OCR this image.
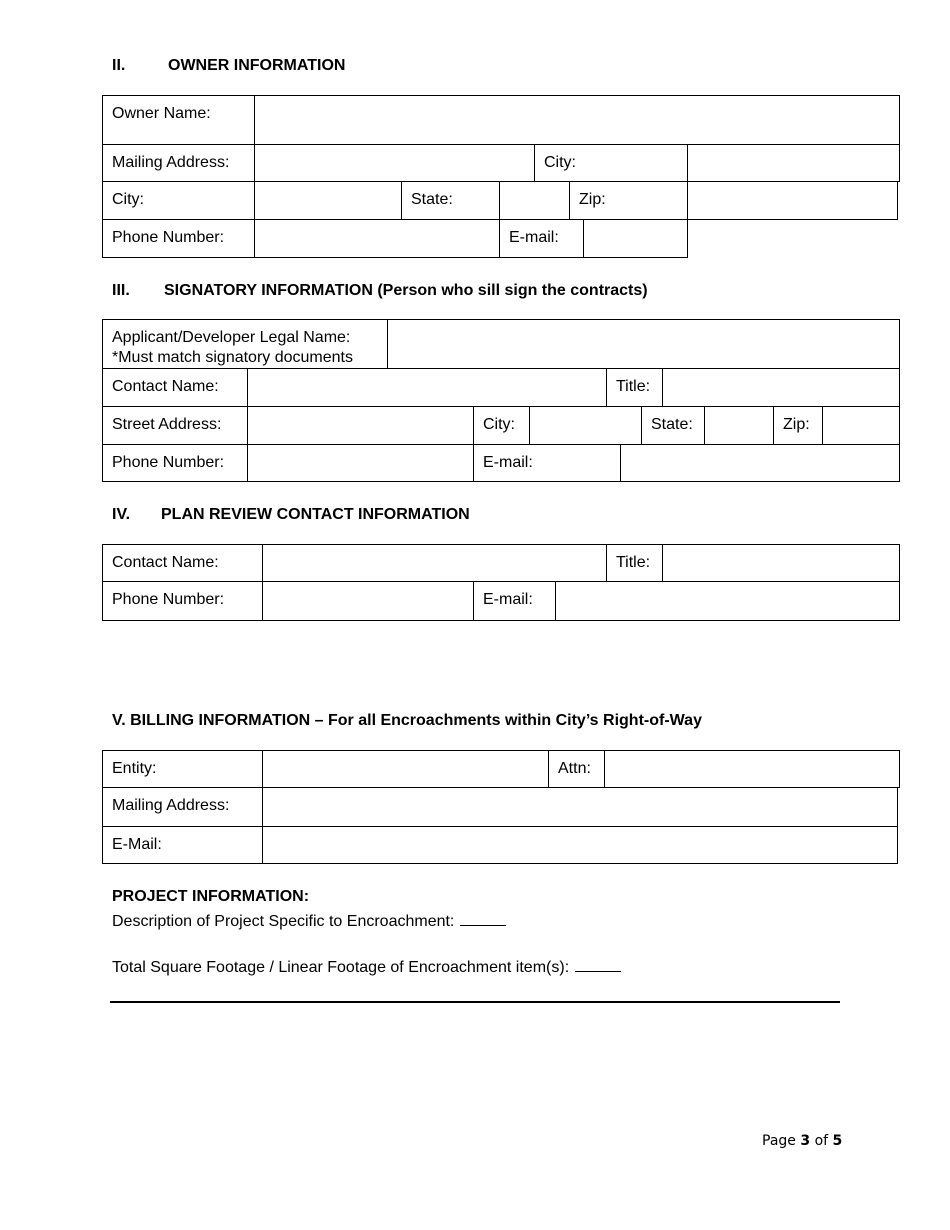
II.	OWNER INFORMATION
Owner Name:
Mailing Address:	City:
City:	State:	Zip:
Phone Number:	E-mail:
III. SIGNATORY INFORMATION (Person who sill sign the contracts)
Applicant/Developer Legal Name:
*Must match signatory documents
Contact Name:	Title:
Street Address:	City:	State:	Zip:
Phone Number:	E-mail:
IV. PLAN REVIEW CONTACT INFORMATION
Contact Name:	Title:
Phone Number:	E-mail:
V. BILLING INFORMATION – For all Encroachments within City’s Right-of-Way
Entity:	Attn:
Mailing Address:
E-Mail:
PROJECT INFORMATION:
Description of Project Specific to Encroachment:
Total Square Footage / Linear Footage of Encroachment item(s):
Page 3 of 5
